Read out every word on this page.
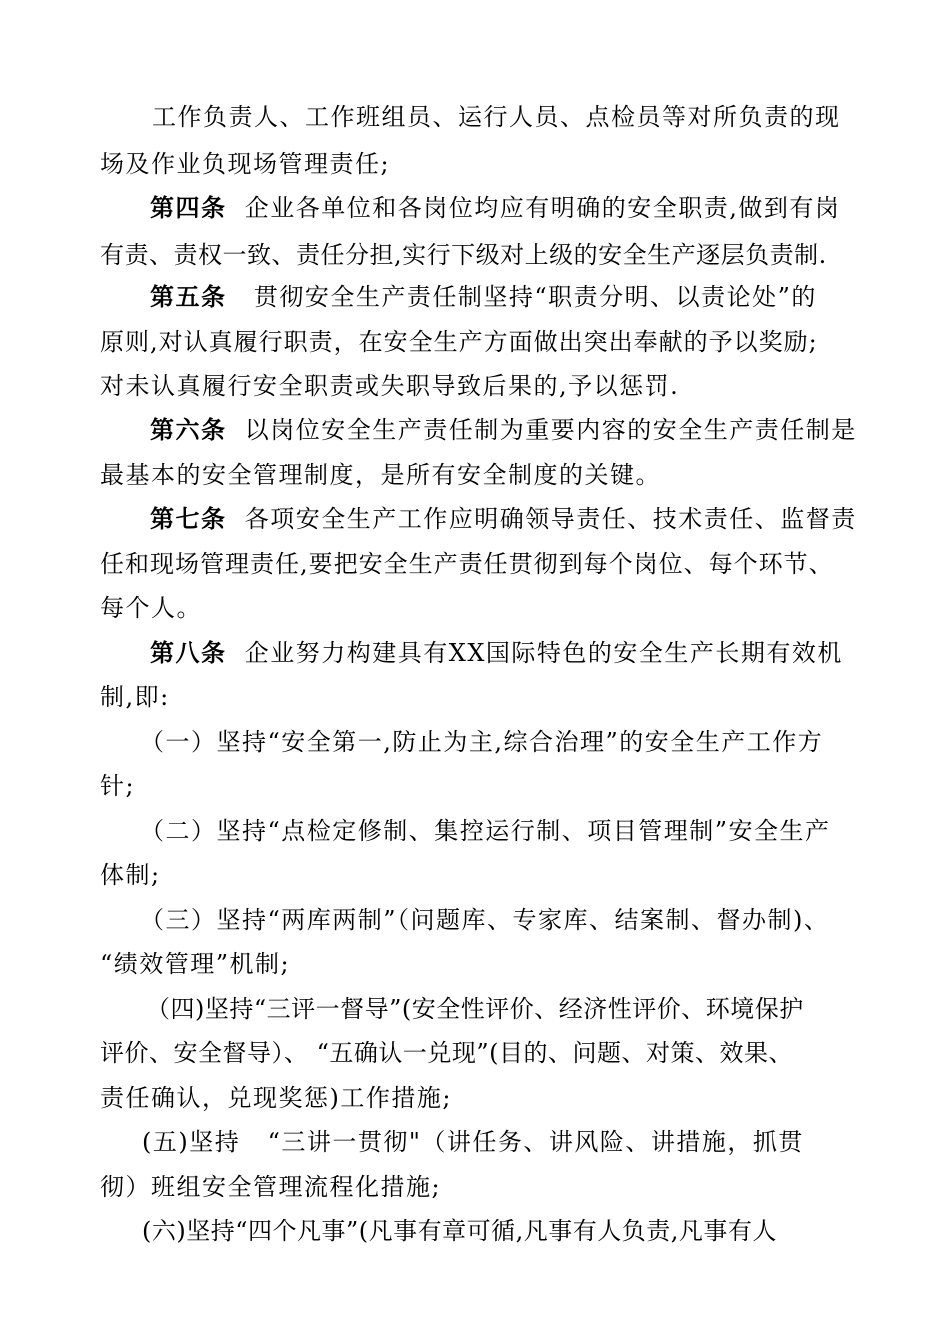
工作负责人、工作班组员、运行人员、点检员等对所负责的现
场及作业负现场管理责任;
第四条  企业各单位和各岗位均应有明确的安全职责,做到有岗
有责、责权一致、责任分担,实行下级对上级的安全生产逐层负责制.
第五条   贯彻安全生产责任制坚持“职责分明、以责论处”的
原则,对认真履行职责，在安全生产方面做出突出奉献的予以奖励;
对未认真履行安全职责或失职导致后果的,予以惩罚.
第六条  以岗位安全生产责任制为重要内容的安全生产责任制是
最基本的安全管理制度，是所有安全制度的关键。
第七条  各项安全生产工作应明确领导责任、技术责任、监督责
任和现场管理责任,要把安全生产责任贯彻到每个岗位、每个环节、
每个人。
第八条  企业努力构建具有XX国际特色的安全生产长期有效机
制,即:
（一）坚持“安全第一,防止为主,综合治理”的安全生产工作方
针;
（二）坚持“点检定修制、集控运行制、项目管理制”安全生产
体制;
（三）坚持“两库两制”（问题库、专家库、结案制、督办制)、
“绩效管理”机制;
（四)坚持“三评一督导”(安全性评价、经济性评价、环境保护
评价、安全督导）、 “五确认一兑现”(目的、问题、对策、效果、
责任确认，兑现奖惩)工作措施;
(五)坚持   “三讲一贯彻"（讲任务、讲风险、讲措施，抓贯
彻）班组安全管理流程化措施;
(六)坚持“四个凡事”(凡事有章可循,凡事有人负责,凡事有人
